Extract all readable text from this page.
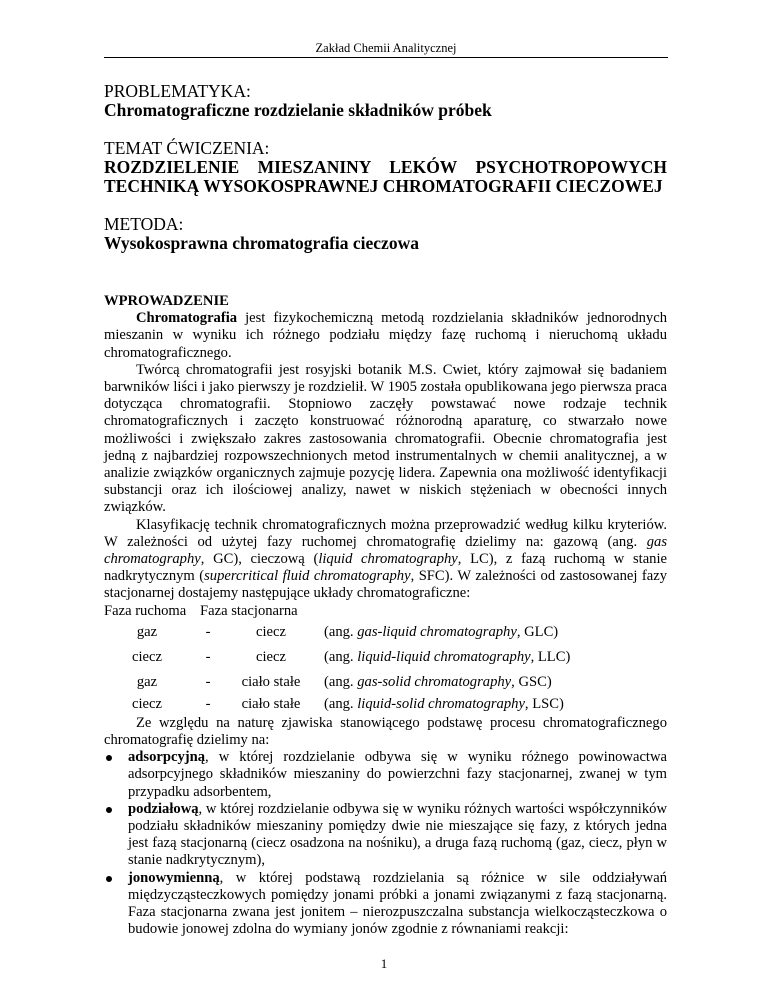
Zakład Chemii Analitycznej
PROBLEMATYKA:
Chromatograficzne rozdzielanie składników próbek
TEMAT ĆWICZENIA:
ROZDZIELENIE MIESZANINY LEKÓW PSYCHOTROPOWYCH
TECHNIKĄ WYSOKOSPRAWNEJ CHROMATOGRAFII CIECZOWEJ
METODA:
Wysokosprawna chromatografia cieczowa
WPROWADZENIE

Chromatografia jest fizykochemiczną metodą rozdzielania składników jednorodnych mieszanin w wyniku ich różnego podziału między fazę ruchomą i nieruchomą układu chromatograficznego.

Twórcą chromatografii jest rosyjski botanik M.S. Cwiet, który zajmował się badaniem barwników liści i jako pierwszy je rozdzielił. W 1905 została opublikowana jego pierwsza praca dotycząca chromatografii. Stopniowo zaczęły powstawać nowe rodzaje technik chromatograficznych i zaczęto konstruować różnorodną aparaturę, co stwarzało nowe możliwości i zwiększało zakres zastosowania chromatografii. Obecnie chromatografia jest jedną z najbardziej rozpowszechnionych metod instrumentalnych w chemii analitycznej, a w analizie związków organicznych zajmuje pozycję lidera. Zapewnia ona możliwość identyfikacji substancji oraz ich ilościowej analizy, nawet w niskich stężeniach w obecności innych związków.

Klasyfikację technik chromatograficznych można przeprowadzić według kilku kryteriów. W zależności od użytej fazy ruchomej chromatografię dzielimy na: gazową (ang. gas chromatography, GC), cieczową (liquid chromatography, LC), z fazą ruchomą w stanie nadkrytycznym (supercritical fluid chromatography, SFC). W zależności od zastosowanej fazy stacjonarnej dostajemy następujące układy chromatograficzne:

Faza ruchoma Faza stacjonarna
gaz	-	ciecz	(ang. gas-liquid chromatography, GLC)
ciecz	-	ciecz	(ang. liquid-liquid chromatography, LLC)
gaz	-	ciało stałe	(ang. gas-solid chromatography, GSC)
ciecz	-	ciało stałe	(ang. liquid-solid chromatography, LSC)

Ze względu na naturę zjawiska stanowiącego podstawę procesu chromatograficznego chromatografię dzielimy na:

adsorpcyjną, w której rozdzielanie odbywa się w wyniku różnego powinowactwa adsorpcyjnego składników mieszaniny do powierzchni fazy stacjonarnej, zwanej w tym przypadku adsorbentem,
podziałową, w której rozdzielanie odbywa się w wyniku różnych wartości współczynników podziału składników mieszaniny pomiędzy dwie nie mieszające się fazy, z których jedna jest fazą stacjonarną (ciecz osadzona na nośniku), a druga fazą ruchomą (gaz, ciecz, płyn w stanie nadkrytycznym),
jonowymienną, w której podstawą rozdzielania są różnice w sile oddziaływań międzycząsteczkowych pomiędzy jonami próbki a jonami związanymi z fazą stacjonarną. Faza stacjonarna zwana jest jonitem – nierozpuszczalna substancja wielkocząsteczkowa o budowie jonowej zdolna do wymiany jonów zgodnie z równaniami reakcji:
1
